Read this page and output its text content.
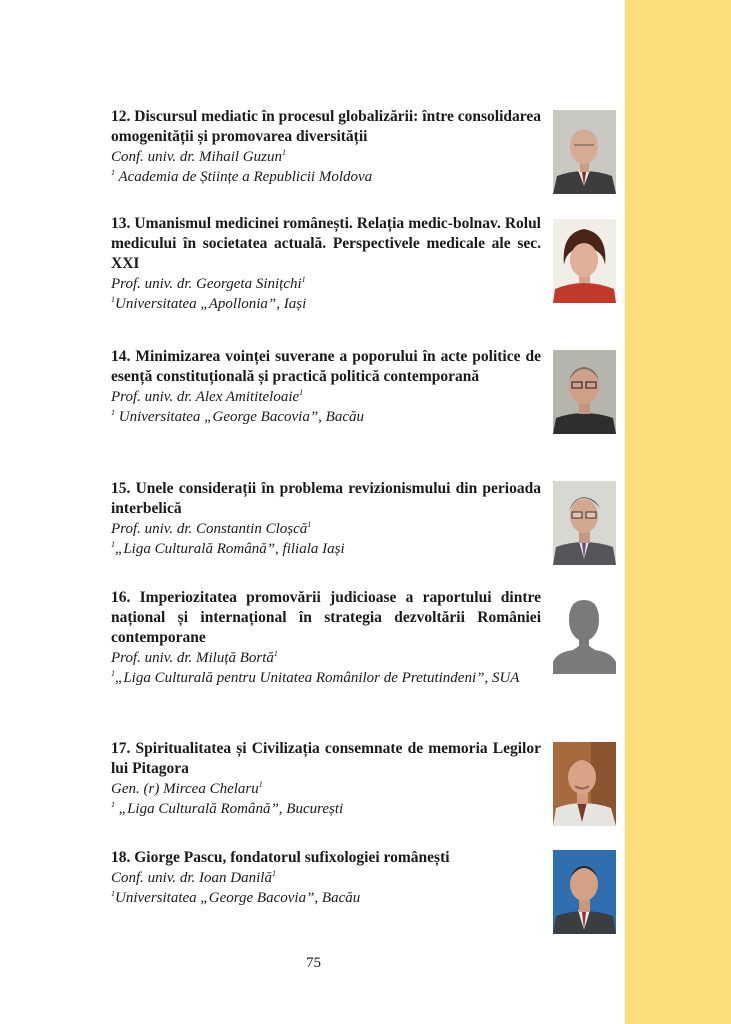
12. Discursul mediatic în procesul globalizării: între consolidarea omogenității și promovarea diversității

Conf. univ. dr. Mihail Guzun$^1$

$^1$ Academia de Științe a Republicii Moldova

13. Umanismul medicinei românești. Relația medic-bolnav. Rolul medicului în societatea actuală. Perspectivele medicale ale sec. XXI

Prof. univ. dr. Georgeta Sinițchi$^1$

$^1$Universitatea „Apollonia”, Iași

14. Minimizarea voinței suverane a poporului în acte politice de esență constituțională și practică politică contemporană

Prof. univ. dr. Alex Amititeloaie$^1$

$^1$ Universitatea „George Bacovia”, Bacău

15. Unele considerații în problema revizionismului din perioada interbelică

Prof. univ. dr. Constantin Cloșcă$^1$

$^1$„Liga Culturală Română”, filiala Iași

16. Imperiozitatea promovării judicioase a raportului dintre național și internațional în strategia dezvoltării României contemporane

Prof. univ. dr. Miluță Bortă$^1$

$^1$„Liga Culturală pentru Unitatea Românilor de Pretutindeni”, SUA

17. Spiritualitatea și Civilizația consemnate de memoria Legilor lui Pitagora

Gen. (r) Mircea Chelaru$^1$

$^1$ „Liga Culturală Română”, București

18. Giorge Pascu, fondatorul sufixologiei românești

Conf. univ. dr. Ioan Danilă$^1$

$^1$Universitatea „George Bacovia”, Bacău

75
